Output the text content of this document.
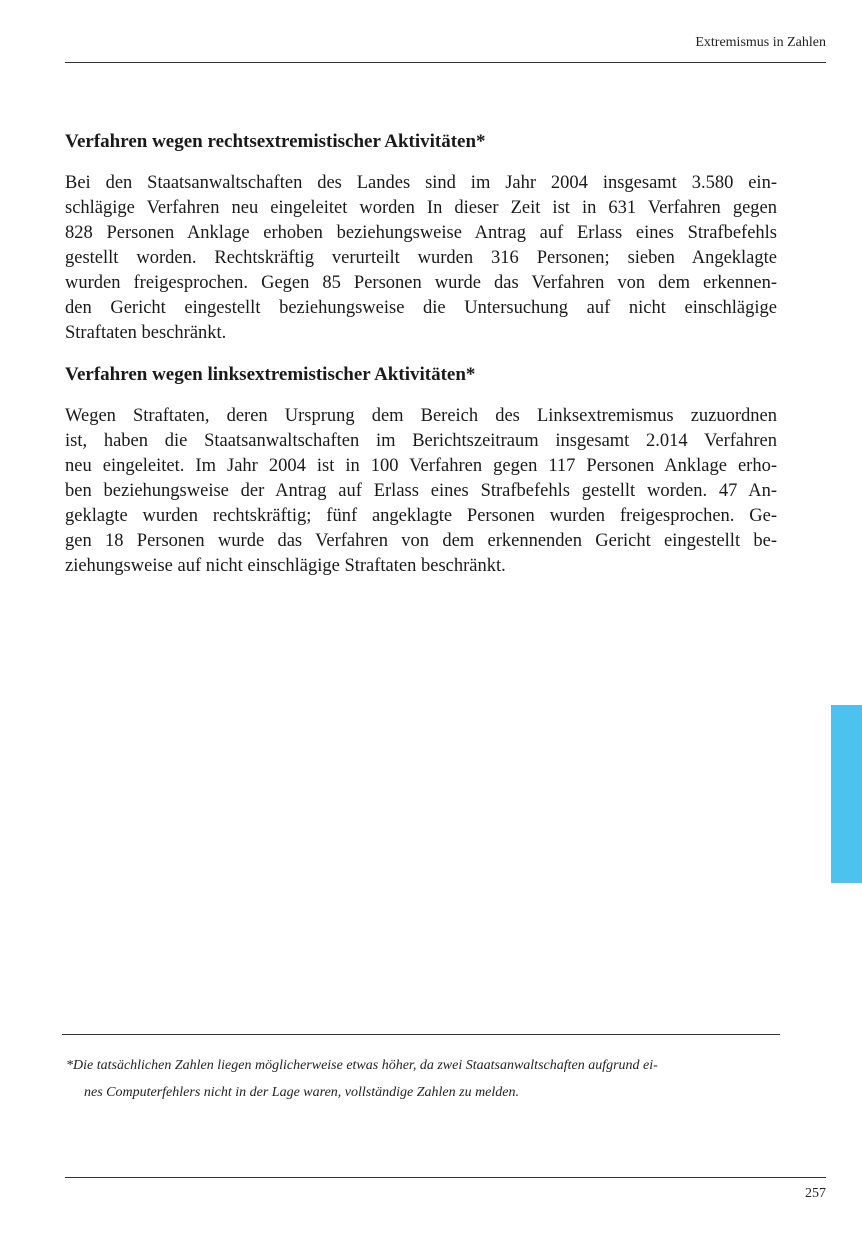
Extremismus in Zahlen
Verfahren wegen rechtsextremistischer Aktivitäten*

Bei den Staatsanwaltschaften des Landes sind im Jahr 2004 insgesamt 3.580 ein-
schlägige Verfahren neu eingeleitet worden In dieser Zeit ist in 631 Verfahren gegen
828 Personen Anklage erhoben beziehungsweise Antrag auf Erlass eines Strafbefehls
gestellt worden. Rechtskräftig verurteilt wurden 316 Personen; sieben Angeklagte
wurden freigesprochen. Gegen 85 Personen wurde das Verfahren von dem erkennen-
den Gericht eingestellt beziehungsweise die Untersuchung auf nicht einschlägige
Straftaten beschränkt.

Verfahren wegen linksextremistischer Aktivitäten*

Wegen Straftaten, deren Ursprung dem Bereich des Linksextremismus zuzuordnen
ist, haben die Staatsanwaltschaften im Berichtszeitraum insgesamt 2.014 Verfahren
neu eingeleitet. Im Jahr 2004 ist in 100 Verfahren gegen 117 Personen Anklage erho-
ben beziehungsweise der Antrag auf Erlass eines Strafbefehls gestellt worden. 47 An-
geklagte wurden rechtskräftig; fünf angeklagte Personen wurden freigesprochen. Ge-
gen 18 Personen wurde das Verfahren von dem erkennenden Gericht eingestellt be-
ziehungsweise auf nicht einschlägige Straftaten beschränkt.

*Die tatsächlichen Zahlen liegen möglicherweise etwas höher, da zwei Staatsanwaltschaften aufgrund ei-
nes Computerfehlers nicht in der Lage waren, vollständige Zahlen zu melden.
257
